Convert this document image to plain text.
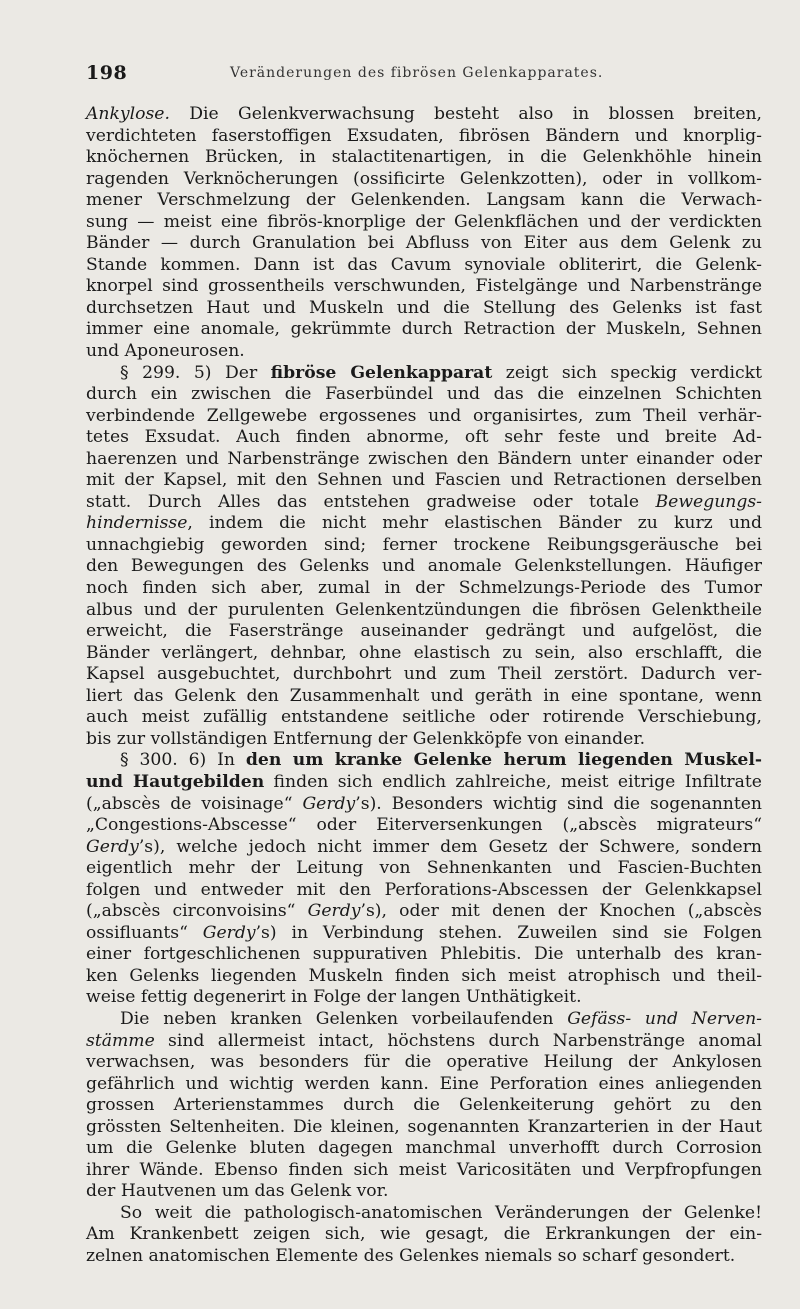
198	Veränderungen des fibrösen Gelenkapparates.
Ankylose. Die Gelenkverwachsung besteht also in blossen breiten,
verdichteten faserstoffigen Exsudaten, fibrösen Bändern und knorplig-
knöchernen Brücken, in stalactitenartigen, in die Gelenkhöhle hinein
ragenden Verknöcherungen (ossificirte Gelenkzotten), oder in vollkom-
mener Verschmelzung der Gelenkenden. Langsam kann die Verwach-
sung — meist eine fibrös-knorplige der Gelenkflächen und der verdickten
Bänder — durch Granulation bei Abfluss von Eiter aus dem Gelenk zu
Stande kommen. Dann ist das Cavum synoviale obliterirt, die Gelenk-
knorpel sind grossentheils verschwunden, Fistelgänge und Narbenstränge
durchsetzen Haut und Muskeln und die Stellung des Gelenks ist fast
immer eine anomale, gekrümmte durch Retraction der Muskeln, Sehnen
und Aponeurosen.
§ 299. 5) Der fibröse Gelenkapparat zeigt sich speckig verdickt
durch ein zwischen die Faserbündel und das die einzelnen Schichten
verbindende Zellgewebe ergossenes und organisirtes, zum Theil verhär-
tetes Exsudat. Auch finden abnorme, oft sehr feste und breite Ad-
haerenzen und Narbenstränge zwischen den Bändern unter einander oder
mit der Kapsel, mit den Sehnen und Fascien und Retractionen derselben
statt. Durch Alles das entstehen gradweise oder totale Bewegungs-
hindernisse, indem die nicht mehr elastischen Bänder zu kurz und
unnachgiebig geworden sind; ferner trockene Reibungsgeräusche bei
den Bewegungen des Gelenks und anomale Gelenkstellungen. Häufiger
noch finden sich aber, zumal in der Schmelzungs-Periode des Tumor
albus und der purulenten Gelenkentzündungen die fibrösen Gelenktheile
erweicht, die Faserstränge auseinander gedrängt und aufgelöst, die
Bänder verlängert, dehnbar, ohne elastisch zu sein, also erschlafft, die
Kapsel ausgebuchtet, durchbohrt und zum Theil zerstört. Dadurch ver-
liert das Gelenk den Zusammenhalt und geräth in eine spontane, wenn
auch meist zufällig entstandene seitliche oder rotirende Verschiebung,
bis zur vollständigen Entfernung der Gelenkköpfe von einander.
§ 300. 6) In den um kranke Gelenke herum liegenden Muskel-
und Hautgebilden finden sich endlich zahlreiche, meist eitrige Infiltrate
(„abscès de voisinage“ Gerdy’s). Besonders wichtig sind die sogenannten
„Congestions-Abscesse“ oder Eiterversenkungen („abscès migrateurs“
Gerdy’s), welche jedoch nicht immer dem Gesetz der Schwere, sondern
eigentlich mehr der Leitung von Sehnenkanten und Fascien-Buchten
folgen und entweder mit den Perforations-Abscessen der Gelenkkapsel
(„abscès circonvoisins“ Gerdy’s), oder mit denen der Knochen („abscès
ossifluants“ Gerdy’s) in Verbindung stehen. Zuweilen sind sie Folgen
einer fortgeschlichenen suppurativen Phlebitis. Die unterhalb des kran-
ken Gelenks liegenden Muskeln finden sich meist atrophisch und theil-
weise fettig degenerirt in Folge der langen Unthätigkeit.
Die neben kranken Gelenken vorbeilaufenden Gefäss- und Nerven-
stämme sind allermeist intact, höchstens durch Narbenstränge anomal
verwachsen, was besonders für die operative Heilung der Ankylosen
gefährlich und wichtig werden kann. Eine Perforation eines anliegenden
grossen Arterienstammes durch die Gelenkeiterung gehört zu den
grössten Seltenheiten. Die kleinen, sogenannten Kranzarterien in der Haut
um die Gelenke bluten dagegen manchmal unverhofft durch Corrosion
ihrer Wände. Ebenso finden sich meist Varicositäten und Verpfropfungen
der Hautvenen um das Gelenk vor.
So weit die pathologisch-anatomischen Veränderungen der Gelenke!
Am Krankenbett zeigen sich, wie gesagt, die Erkrankungen der ein-
zelnen anatomischen Elemente des Gelenkes niemals so scharf gesondert.
